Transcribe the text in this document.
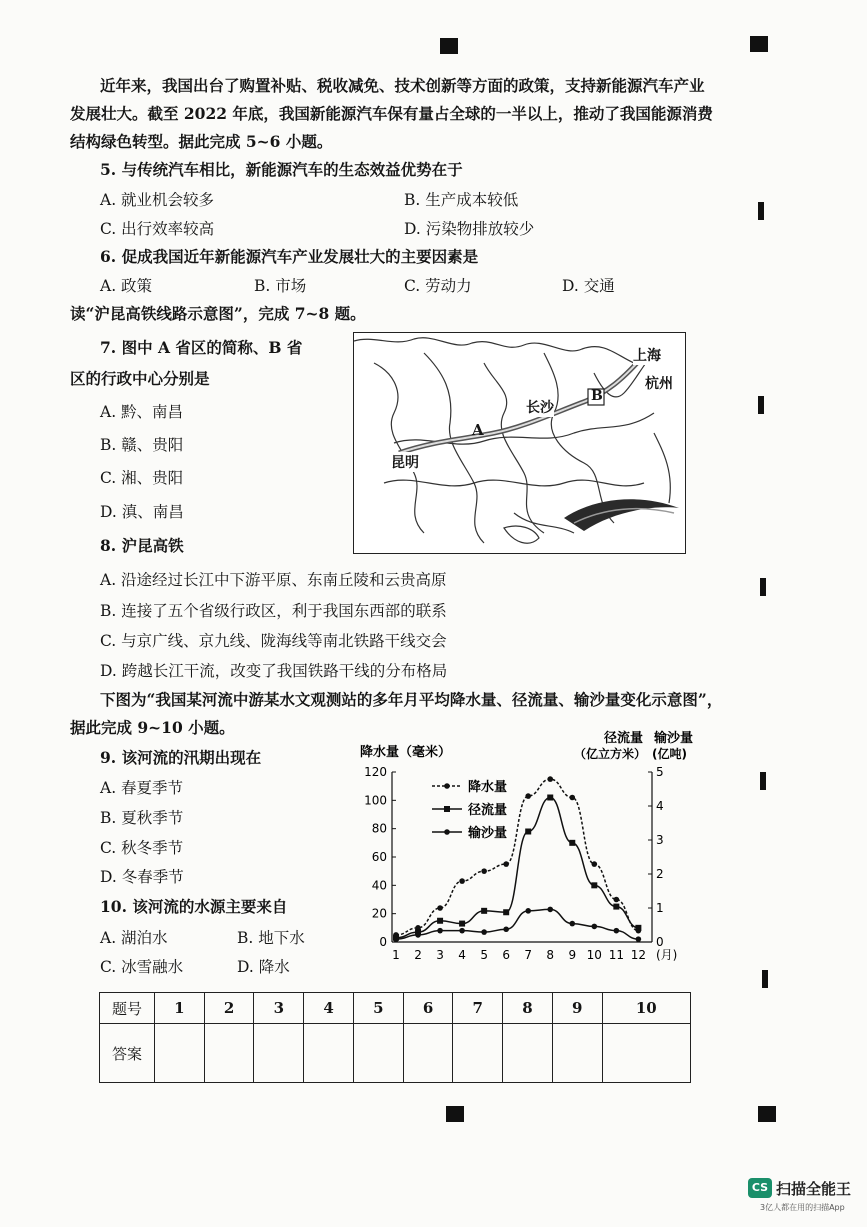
近年来，我国出台了购置补贴、税收减免、技术创新等方面的政策，支持新能源汽车产业
发展壮大。截至 2022 年底，我国新能源汽车保有量占全球的一半以上，推动了我国能源消费
结构绿色转型。据此完成 5~6 小题。
5. 与传统汽车相比，新能源汽车的生态效益优势在于
A. 就业机会较多	B. 生产成本较低
C. 出行效率较高	D. 污染物排放较少
6. 促成我国近年新能源汽车产业发展壮大的主要因素是
A. 政策	B. 市场	C. 劳动力	D. 交通
读“沪昆高铁线路示意图”，完成 7~8 题。
7. 图中 A 省区的简称、B 省
区的行政中心分别是
A. 黔、南昌
B. 赣、贵阳
C. 湘、贵阳
D. 滇、南昌
上海
杭州
长沙
昆明
A
B
8. 沪昆高铁
A. 沿途经过长江中下游平原、东南丘陵和云贵高原
B. 连接了五个省级行政区，利于我国东西部的联系
C. 与京广线、京九线、陇海线等南北铁路干线交会
D. 跨越长江干流，改变了我国铁路干线的分布格局
下图为“我国某河流中游某水文观测站的多年月平均降水量、径流量、输沙量变化示意图”，
据此完成 9~10 小题。
9. 该河流的汛期出现在
A. 春夏季节
B. 夏秋季节
C. 秋冬季节
D. 冬春季节
10. 该河流的水源主要来自
A. 湖泊水	B. 地下水
C. 冰雪融水	D. 降水
降水量（毫米）
径流量
（亿立方米）
输沙量
(亿吨)
0
20
40
60
80
100
120
0
1
2
3
4
5
1 2 3 4 5 6 7 8 9 10 11 12 (月)
降水量
径流量
输沙量
题号	1	2	3	4	5	6	7	8	9	10
答案										
CS 扫描全能王
3亿人都在用的扫描App
